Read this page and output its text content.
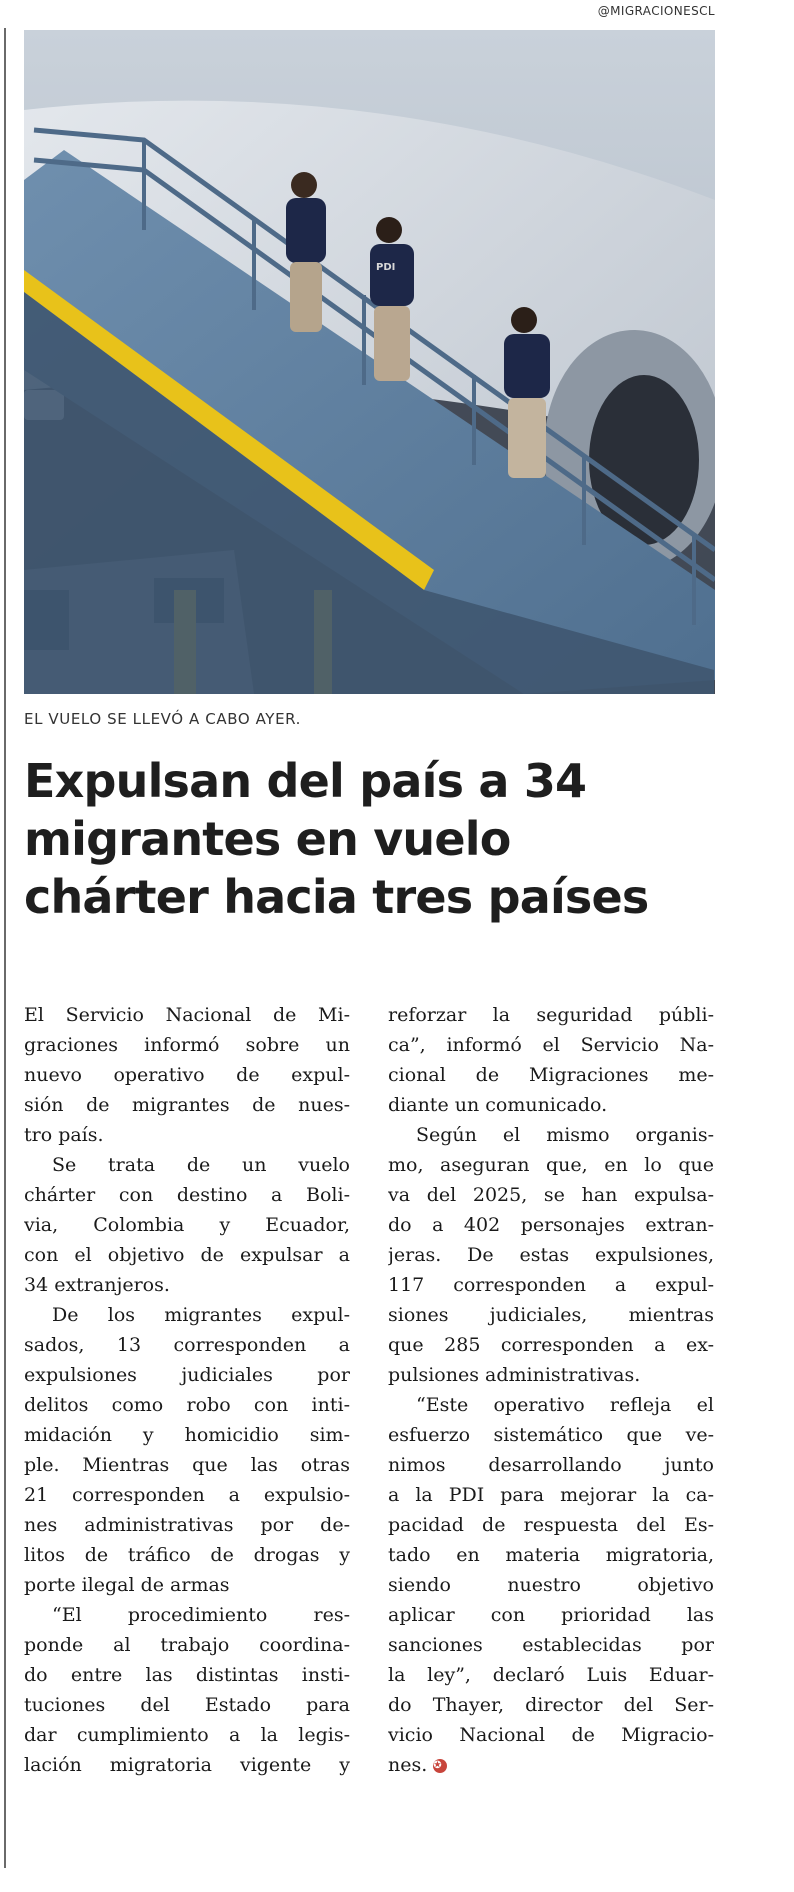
@MIGRACIONESCL
PDI
EL VUELO SE LLEVÓ A CABO AYER.
Expulsan del país a 34
migrantes en vuelo
chárter hacia tres países
El Servicio Nacional de Mi-
graciones informó sobre un
nuevo operativo de expul-
sión de migrantes de nues-
tro país.
Se trata de un vuelo
chárter con destino a Boli-
via, Colombia y Ecuador,
con el objetivo de expulsar a
34 extranjeros.
De los migrantes expul-
sados, 13 corresponden a
expulsiones judiciales por
delitos como robo con inti-
midación y homicidio sim-
ple. Mientras que las otras
21 corresponden a expulsio-
nes administrativas por de-
litos de tráfico de drogas y
porte ilegal de armas
“El procedimiento res-
ponde al trabajo coordina-
do entre las distintas insti-
tuciones del Estado para
dar cumplimiento a la legis-
lación migratoria vigente y
reforzar la seguridad públi-
ca”, informó el Servicio Na-
cional de Migraciones me-
diante un comunicado.
Según el mismo organis-
mo, aseguran que, en lo que
va del 2025, se han expulsa-
do a 402 personajes extran-
jeras. De estas expulsiones,
117 corresponden a expul-
siones judiciales, mientras
que 285 corresponden a ex-
pulsiones administrativas.
“Este operativo refleja el
esfuerzo sistemático que ve-
nimos desarrollando junto
a la PDI para mejorar la ca-
pacidad de respuesta del Es-
tado en materia migratoria,
siendo nuestro objetivo
aplicar con prioridad las
sanciones establecidas por
la ley”, declaró Luis Eduar-
do Thayer, director del Ser-
vicio Nacional de Migracio-
nes. ✪
